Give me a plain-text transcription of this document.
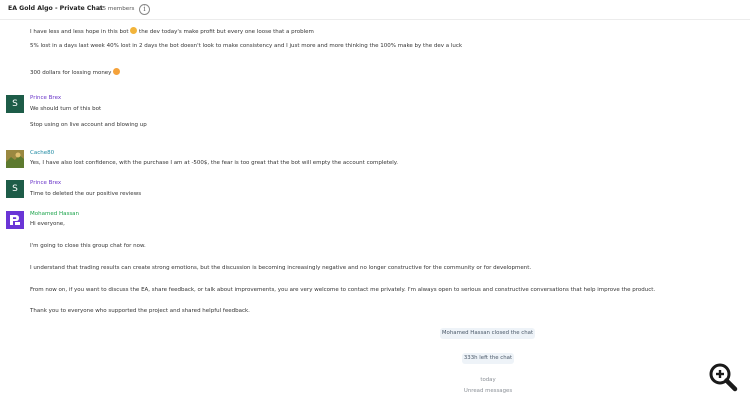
EA Gold Algo - Private Chat
35 members	i
I have less and less hope in this bot the dev today's make profit but every one loose that a problem
5% lost in a days last week 40% lost in 2 days the bot doesn't look to make consistency and I just more and more thinking the 100% make by the dev a luck
300 dollars for lossing money
S
Prince Brex
We should turn of this bot
Stop using on live account and blowing up
Cache80
Yes, I have also lost confidence, with the purchase I am at -500$, the fear is too great that the bot will empty the account completely.
S
Prince Brex
Time to deleted the our positive reviews
Mohamed Hassan
Hi everyone,
I'm going to close this group chat for now.
I understand that trading results can create strong emotions, but the discussion is becoming increasingly negative and no longer constructive for the community or for development.
From now on, if you want to discuss the EA, share feedback, or talk about improvements, you are very welcome to contact me privately. I'm always open to serious and constructive conversations that help improve the product.
Thank you to everyone who supported the project and shared helpful feedback.
Mohamed Hassan closed the chat
333h left the chat
today
Unread messages
